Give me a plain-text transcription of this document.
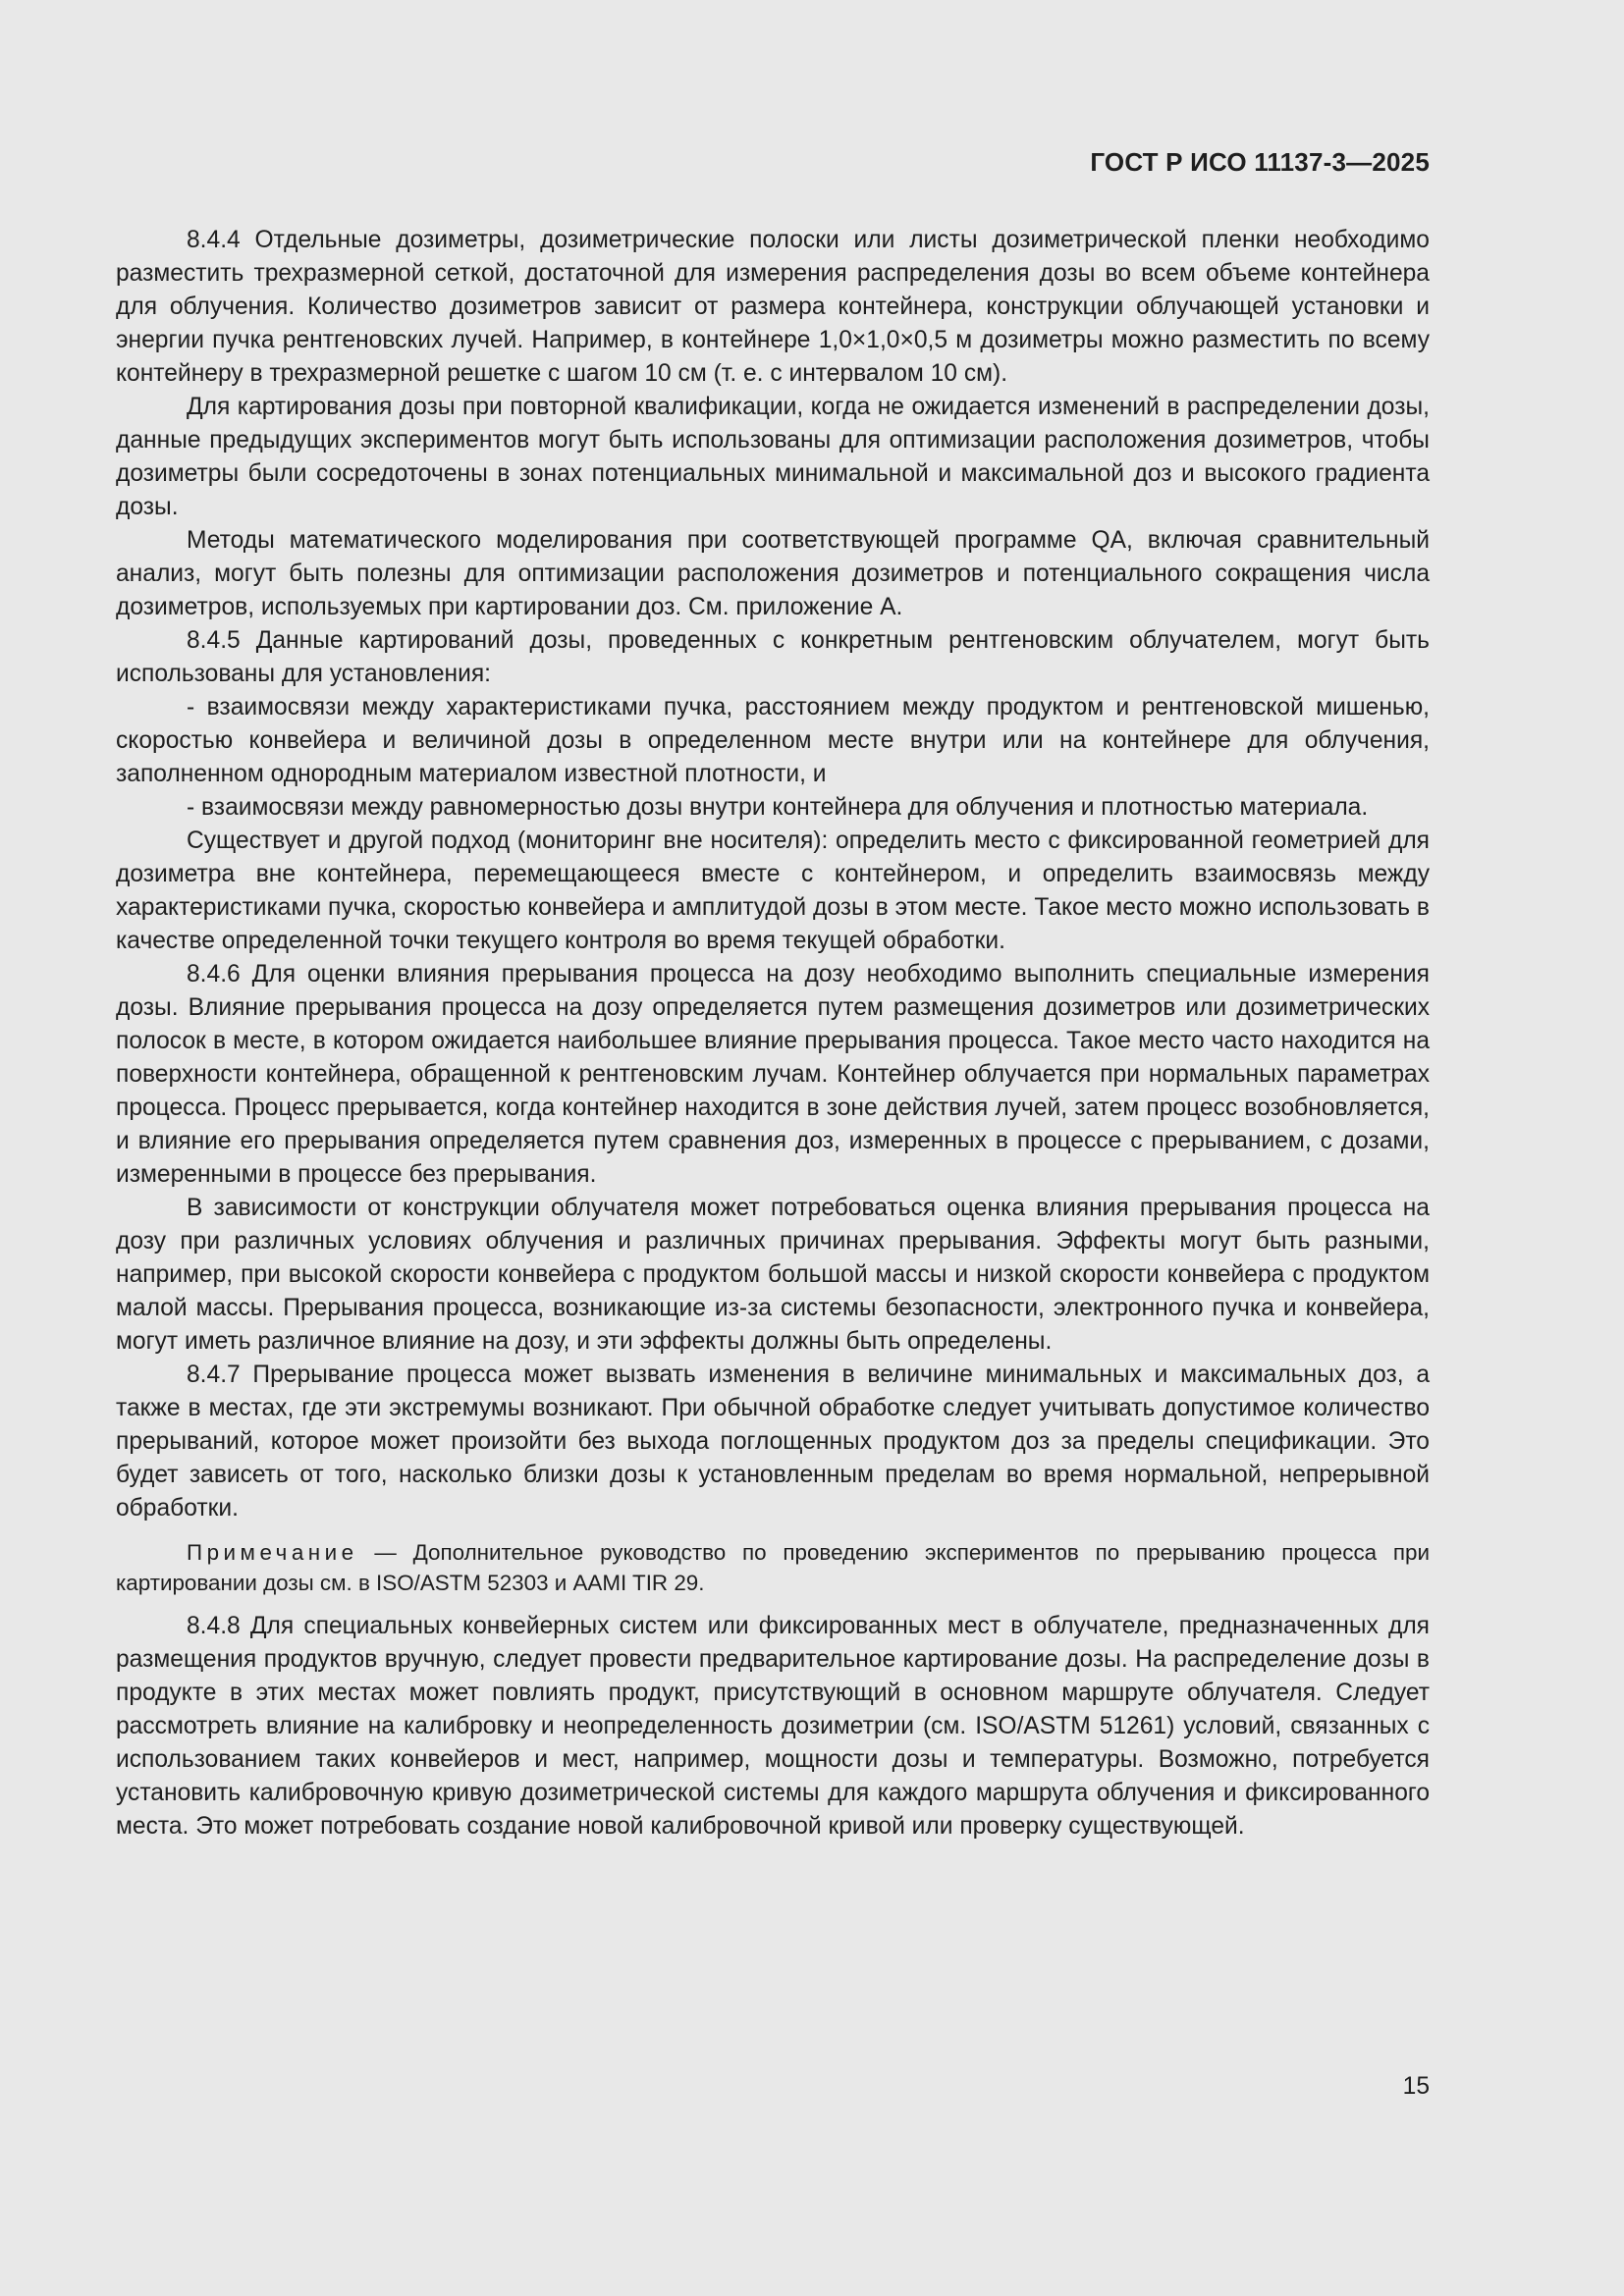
ГОСТ Р ИСО 11137-3—2025

8.4.4 Отдельные дозиметры, дозиметрические полоски или листы дозиметрической пленки необходимо разместить трехразмерной сеткой, достаточной для измерения распределения дозы во всем объеме контейнера для облучения. Количество дозиметров зависит от размера контейнера, конструкции облучающей установки и энергии пучка рентгеновских лучей. Например, в контейнере 1,0×1,0×0,5 м дозиметры можно разместить по всему контейнеру в трехразмерной решетке с шагом 10 см (т. е. с интервалом 10 см).

Для картирования дозы при повторной квалификации, когда не ожидается изменений в распределении дозы, данные предыдущих экспериментов могут быть использованы для оптимизации расположения дозиметров, чтобы дозиметры были сосредоточены в зонах потенциальных минимальной и максимальной доз и высокого градиента дозы.

Методы математического моделирования при соответствующей программе QA, включая сравнительный анализ, могут быть полезны для оптимизации расположения дозиметров и потенциального сокращения числа дозиметров, используемых при картировании доз. См. приложение А.

8.4.5 Данные картирований дозы, проведенных с конкретным рентгеновским облучателем, могут быть использованы для установления:

- взаимосвязи между характеристиками пучка, расстоянием между продуктом и рентгеновской мишенью, скоростью конвейера и величиной дозы в определенном месте внутри или на контейнере для облучения, заполненном однородным материалом известной плотности, и

- взаимосвязи между равномерностью дозы внутри контейнера для облучения и плотностью материала.

Существует и другой подход (мониторинг вне носителя): определить место с фиксированной геометрией для дозиметра вне контейнера, перемещающееся вместе с контейнером, и определить взаимосвязь между характеристиками пучка, скоростью конвейера и амплитудой дозы в этом месте. Такое место можно использовать в качестве определенной точки текущего контроля во время текущей обработки.

8.4.6 Для оценки влияния прерывания процесса на дозу необходимо выполнить специальные измерения дозы. Влияние прерывания процесса на дозу определяется путем размещения дозиметров или дозиметрических полосок в месте, в котором ожидается наибольшее влияние прерывания процесса. Такое место часто находится на поверхности контейнера, обращенной к рентгеновским лучам. Контейнер облучается при нормальных параметрах процесса. Процесс прерывается, когда контейнер находится в зоне действия лучей, затем процесс возобновляется, и влияние его прерывания определяется путем сравнения доз, измеренных в процессе с прерыванием, с дозами, измеренными в процессе без прерывания.

В зависимости от конструкции облучателя может потребоваться оценка влияния прерывания процесса на дозу при различных условиях облучения и различных причинах прерывания. Эффекты могут быть разными, например, при высокой скорости конвейера с продуктом большой массы и низкой скорости конвейера с продуктом малой массы. Прерывания процесса, возникающие из-за системы безопасности, электронного пучка и конвейера, могут иметь различное влияние на дозу, и эти эффекты должны быть определены.

8.4.7 Прерывание процесса может вызвать изменения в величине минимальных и максимальных доз, а также в местах, где эти экстремумы возникают. При обычной обработке следует учитывать допустимое количество прерываний, которое может произойти без выхода поглощенных продуктом доз за пределы спецификации. Это будет зависеть от того, насколько близки дозы к установленным пределам во время нормальной, непрерывной обработки.

Примечание — Дополнительное руководство по проведению экспериментов по прерыванию процесса при картировании дозы см. в ISO/ASTM 52303 и AAMI TIR 29.

8.4.8 Для специальных конвейерных систем или фиксированных мест в облучателе, предназначенных для размещения продуктов вручную, следует провести предварительное картирование дозы. На распределение дозы в продукте в этих местах может повлиять продукт, присутствующий в основном маршруте облучателя. Следует рассмотреть влияние на калибровку и неопределенность дозиметрии (см. ISO/ASTM 51261) условий, связанных с использованием таких конвейеров и мест, например, мощности дозы и температуры. Возможно, потребуется установить калибровочную кривую дозиметрической системы для каждого маршрута облучения и фиксированного места. Это может потребовать создание новой калибровочной кривой или проверку существующей.

15
